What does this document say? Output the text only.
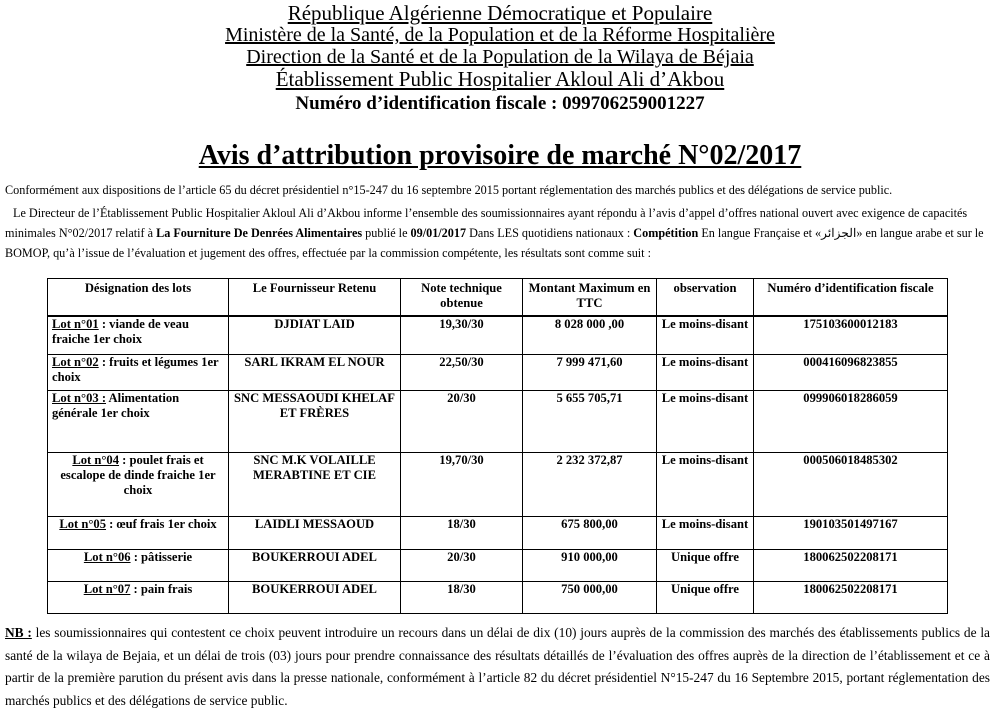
République Algérienne Démocratique et Populaire
Ministère de la Santé, de la Population et de la Réforme Hospitalière
Direction de la Santé et de la Population de la Wilaya de Béjaia
Établissement Public Hospitalier Akloul Ali d’Akbou
Numéro d’identification fiscale : 099706259001227
Avis d’attribution provisoire de marché N°02/2017
Conformément aux dispositions de l’article 65 du décret présidentiel n°15-247 du 16 septembre 2015 portant réglementation des marchés publics et des délégations de service public.
Le Directeur de l’Établissement Public Hospitalier Akloul Ali d’Akbou informe l’ensemble des soumissionnaires ayant répondu à l’avis d’appel d’offres national ouvert avec exigence de capacités minimales N°02/2017 relatif à La Fourniture De Denrées Alimentaires publié le 09/01/2017 Dans LES quotidiens nationaux : Compétition En langue Française et «الجزائر» en langue arabe et sur le BOMOP, qu’à l’issue de l’évaluation et jugement des offres, effectuée par la commission compétente, les résultats sont comme suit :
Désignation des lots	Le Fournisseur Retenu	Note technique obtenue	Montant Maximum en TTC	observation	Numéro d’identification fiscale
Lot n°01 : viande de veau fraiche 1er choix	DJDIAT LAID	19,30/30	8 028 000 ,00	Le moins-disant	175103600012183
Lot n°02 : fruits et légumes 1er choix	SARL IKRAM EL NOUR	22,50/30	7 999 471,60	Le moins-disant	000416096823855
Lot n°03 : Alimentation générale 1er choix	SNC MESSAOUDI KHELAF ET FRÈRES	20/30	5 655 705,71	Le moins-disant	099906018286059
Lot n°04 : poulet frais et escalope de dinde fraiche 1er choix	SNC M.K VOLAILLE MERABTINE ET CIE	19,70/30	2 232 372,87	Le moins-disant	000506018485302
Lot n°05 : œuf frais 1er choix	LAIDLI MESSAOUD	18/30	675 800,00	Le moins-disant	190103501497167
Lot n°06 : pâtisserie	BOUKERROUI ADEL	20/30	910 000,00	Unique offre	180062502208171
Lot n°07 : pain frais	BOUKERROUI ADEL	18/30	750 000,00	Unique offre	180062502208171
NB : les soumissionnaires qui contestent ce choix peuvent introduire un recours dans un délai de dix (10) jours auprès de la commission des marchés des établissements publics de la santé de la wilaya de Bejaia, et un délai de trois (03) jours pour prendre connaissance des résultats détaillés de l’évaluation des offres auprès de la direction de l’établissement et ce à partir de la première parution du présent avis dans la presse nationale, conformément à l’article 82 du décret présidentiel N°15-247 du 16 Septembre 2015, portant réglementation des marchés publics et des délégations de service public.
